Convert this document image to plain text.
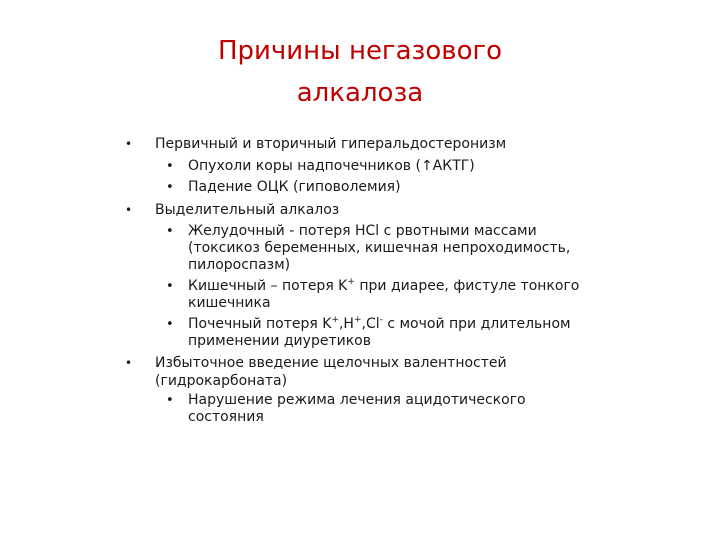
Причины негазового
алкалоза
• Первичный и вторичный гиперальдостеронизм
• Опухоли коры надпочечников (↑АКТГ)
• Падение ОЦК (гиповолемия)
• Выделительный алкалоз
• Желудочный - потеря HCl с рвотными массами (токсикоз беременных, кишечная непроходимость, пилороспазм)
• Кишечный – потеря K+ при диарее, фистуле тонкого кишечника
• Почечный потеря K+,H+,Cl- с мочой при длительном применении диуретиков
• Избыточное введение щелочных валентностей (гидрокарбоната)
• Нарушение режима лечения ацидотического состояния
